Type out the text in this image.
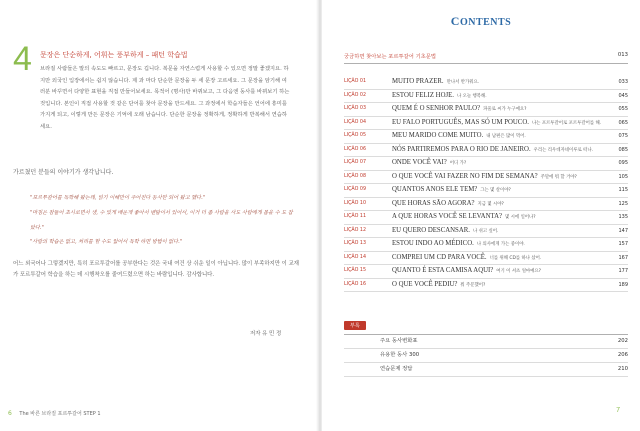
4 문장은 단순하게, 어휘는 풍부하게 – 패턴 학습법

브라질 사람들은 말의 속도도 빠르고, 문장도 깁니다. 복문을 자연스럽게 사용할 수 있으면 정말 좋겠지요. 하지만 외국인 입장에서는 쉽지 않습니다. 제 과 마다 단순한 문장을 두 세 문장 고르세요. 그 문장을 암기해 여러분 바꾸면서 다양한 표현을 직접 만들어보세요. 목적어 (명사)만 바꿔보고, 그 다음엔 동사를 바꿔보기 하는 것입니다. 본인이 직접 사용할 것 같은 단어를 찾아 문장을 만드세요. 그 과정에서 학습자들은 언어에 흥미를 가지게 되고, 이렇게 만든 문장은 기억에 오래 남습니다. 단순한 문장을 정확하게, 정확하게 반복해서 연습하세요.

가르쳤던 분들의 이야기가 생각납니다.

"포르투갈어를 독학해 왔는데, 읽기 이해만이 주어진다 동사만 되어 왔고 했다."

"마침은 잠들어 초시로면서 생, 수 있게 배운게 좋아서 벤탐이서 있어서, 이거 더 좀 사람을 사도 사람에게 몸을 수 도 잡았다."

"사람의 학습은 없고, 처리를 할 수도 없어서 독학 하면 방법이 없다."

어느 외국어나 그렇겠지만, 특히 포르투갈어를 공부한다는 것은 국내 여건 상 쉬운 일이 아닙니다. 많이 부족하지만 이 교재가 포르투갈어 학습을 하는 데 시행착오를 줄여드렸으면 하는 바람입니다. 감사합니다.
저자 유 민 정
6 The 바른 브라질 포르투갈어 STEP 1
CONTENTS
궁금하면 찾아보는 포르투갈어 기초문법	013
LIÇÃO 01	MUITO PRAZER. 만나서 반가워요.	033
LIÇÃO 02	ESTOU FELIZ HOJE. 나 오늘 행복해.	045
LIÇÃO 03	QUEM É O SENHOR PAULO? 파울로 씨가 누구예요?	055
LIÇÃO 04	EU FALO PORTUGUÊS, MAS SÓ UM POUCO. 나는 포르투갈어로 포르투갈어를 해.	065
LIÇÃO 05	MEU MARIDO COME MUITO. 내 남편은 많이 먹어.	075
LIÇÃO 06	NÓS PARTIREMOS PARA O RIO DE JANEIRO. 우리는 리우데자네이루로 떠나.	085
LIÇÃO 07	ONDE VOCÊ VAI? 어디 가?	095
LIÇÃO 08	O QUE VOCÊ VAI FAZER NO FIM DE SEMANA? 주말에 뭐 할 거야?	105
LIÇÃO 09	QUANTOS ANOS ELE TEM? 그는 몇 살이야?	115
LIÇÃO 10	QUE HORAS SÃO AGORA? 지금 몇 시야?	125
LIÇÃO 11	A QUE HORAS VOCÊ SE LEVANTA? 몇 시에 일어나?	135
LIÇÃO 12	EU QUERO DESCANSAR. 나 쉬고 싶어.	147
LIÇÃO 13	ESTOU INDO AO MÉDICO. 나 의사에게 가는 중이야.	157
LIÇÃO 14	COMPREI UM CD PARA VOCÊ. 너를 위해 CD를 하나 샀어.	167
LIÇÃO 15	QUANTO É ESTA CAMISA AQUI? 여기 이 셔츠 얼마예요?	177
LIÇÃO 16	O QUE VOCÊ PEDIU? 뭐 주문했어?	189
부록
주요 동사변화표	202
유용한 동사 300	206
연습문제 정답	210
7
